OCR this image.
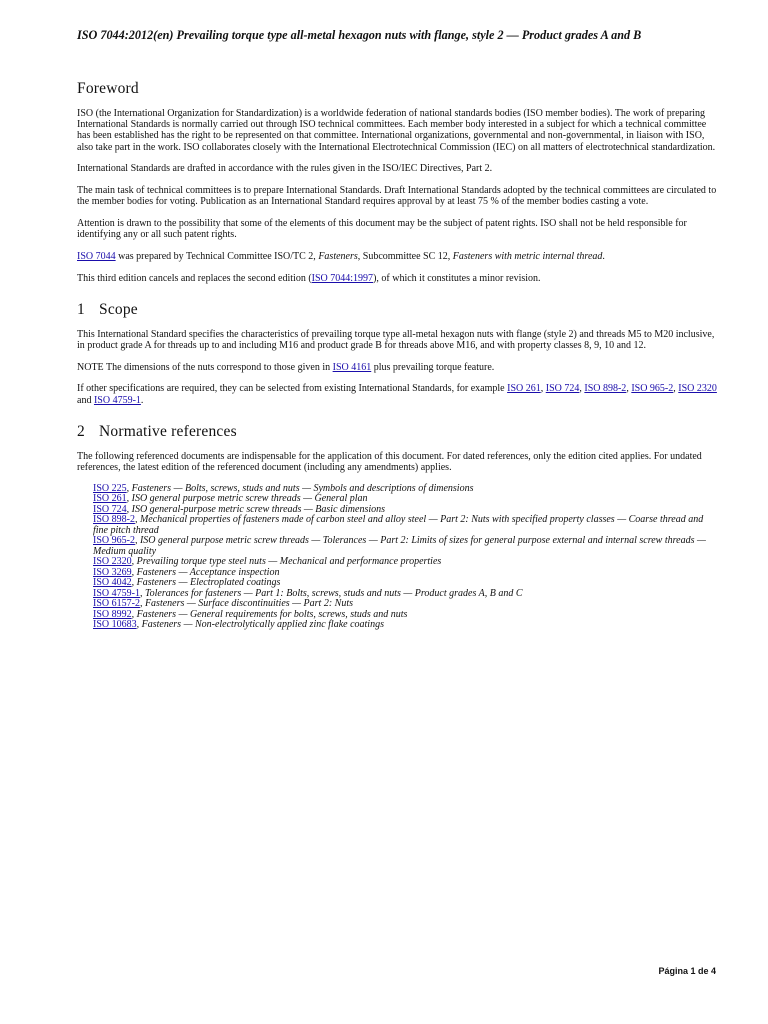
ISO 7044:2012(en) Prevailing torque type all-metal hexagon nuts with flange, style 2 — Product grades A and B
Foreword

ISO (the International Organization for Standardization) is a worldwide federation of national standards bodies (ISO member bodies). The work of preparing International Standards is normally carried out through ISO technical committees. Each member body interested in a subject for which a technical committee has been established has the right to be represented on that committee. International organizations, governmental and non-governmental, in liaison with ISO, also take part in the work. ISO collaborates closely with the International Electrotechnical Commission (IEC) on all matters of electrotechnical standardization.

International Standards are drafted in accordance with the rules given in the ISO/IEC Directives, Part 2.

The main task of technical committees is to prepare International Standards. Draft International Standards adopted by the technical committees are circulated to the member bodies for voting. Publication as an International Standard requires approval by at least 75 % of the member bodies casting a vote.

Attention is drawn to the possibility that some of the elements of this document may be the subject of patent rights. ISO shall not be held responsible for identifying any or all such patent rights.

ISO 7044 was prepared by Technical Committee ISO/TC 2, Fasteners, Subcommittee SC 12, Fasteners with metric internal thread.

This third edition cancels and replaces the second edition (ISO 7044:1997), of which it constitutes a minor revision.

1 Scope

This International Standard specifies the characteristics of prevailing torque type all-metal hexagon nuts with flange (style 2) and threads M5 to M20 inclusive, in product grade A for threads up to and including M16 and product grade B for threads above M16, and with property classes 8, 9, 10 and 12.

NOTE The dimensions of the nuts correspond to those given in ISO 4161 plus prevailing torque feature.

If other specifications are required, they can be selected from existing International Standards, for example ISO 261, ISO 724, ISO 898-2, ISO 965-2, ISO 2320 and ISO 4759-1.

2 Normative references

The following referenced documents are indispensable for the application of this document. For dated references, only the edition cited applies. For undated references, the latest edition of the referenced document (including any amendments) applies.

ISO 225, Fasteners — Bolts, screws, studs and nuts — Symbols and descriptions of dimensions
ISO 261, ISO general purpose metric screw threads — General plan
ISO 724, ISO general-purpose metric screw threads — Basic dimensions
ISO 898-2, Mechanical properties of fasteners made of carbon steel and alloy steel — Part 2: Nuts with specified property classes — Coarse thread and fine pitch thread
ISO 965-2, ISO general purpose metric screw threads — Tolerances — Part 2: Limits of sizes for general purpose external and internal screw threads — Medium quality
ISO 2320, Prevailing torque type steel nuts — Mechanical and performance properties
ISO 3269, Fasteners — Acceptance inspection
ISO 4042, Fasteners — Electroplated coatings
ISO 4759-1, Tolerances for fasteners — Part 1: Bolts, screws, studs and nuts — Product grades A, B and C
ISO 6157-2, Fasteners — Surface discontinuities — Part 2: Nuts
ISO 8992, Fasteners — General requirements for bolts, screws, studs and nuts
ISO 10683, Fasteners — Non-electrolytically applied zinc flake coatings
Página 1 de 4
